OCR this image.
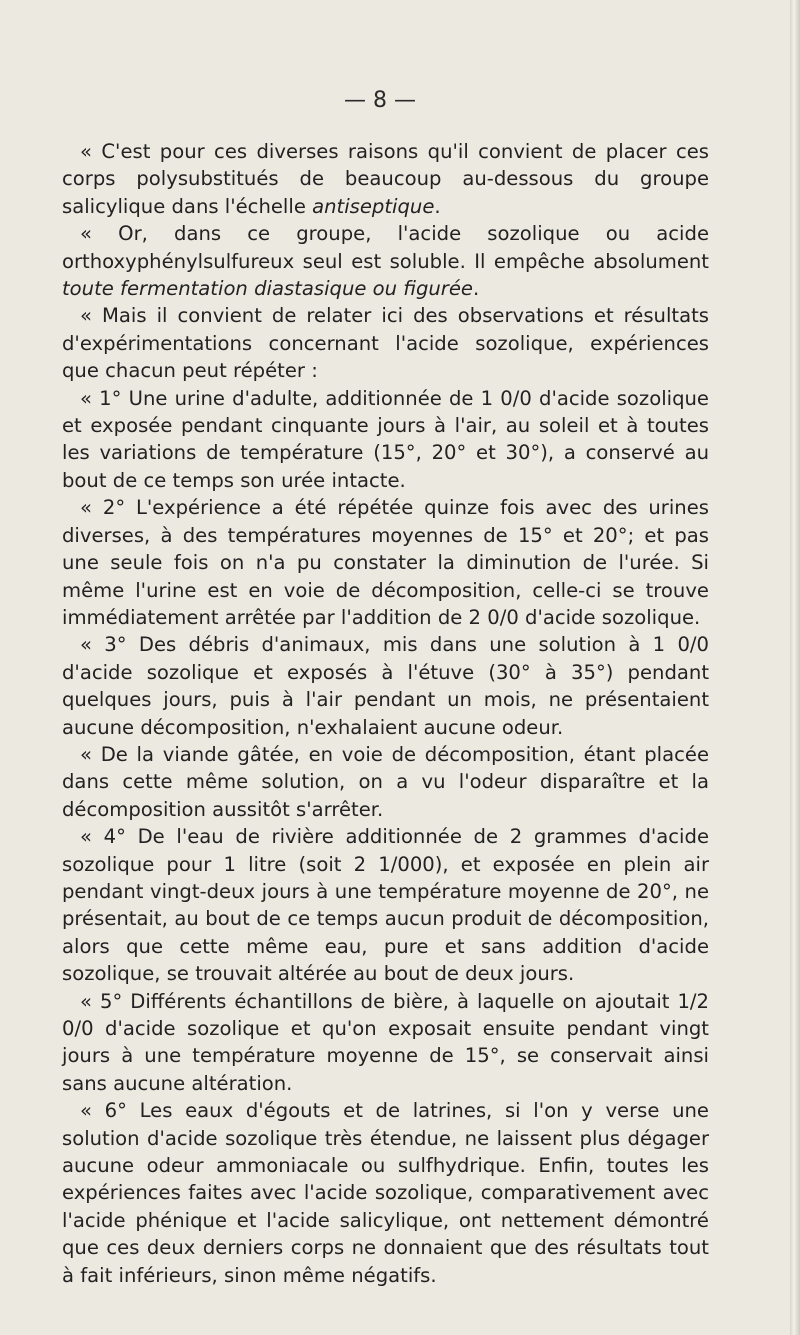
— 8 —

« C'est pour ces diverses raisons qu'il convient de placer ces corps polysubstitués de beaucoup au-dessous du groupe salicylique dans l'échelle antiseptique.

« Or, dans ce groupe, l'acide sozolique ou acide orthoxyphénylsulfureux seul est soluble. Il empêche absolument toute fermentation diastasique ou figurée.

« Mais il convient de relater ici des observations et résultats d'expérimentations concernant l'acide sozolique, expériences que chacun peut répéter :

« 1° Une urine d'adulte, additionnée de 1 0/0 d'acide sozolique et exposée pendant cinquante jours à l'air, au soleil et à toutes les variations de température (15°, 20° et 30°), a conservé au bout de ce temps son urée intacte.

« 2° L'expérience a été répétée quinze fois avec des urines diverses, à des températures moyennes de 15° et 20°; et pas une seule fois on n'a pu constater la diminution de l'urée. Si même l'urine est en voie de décomposition, celle-ci se trouve immédiatement arrêtée par l'addition de 2 0/0 d'acide sozolique.

« 3° Des débris d'animaux, mis dans une solution à 1 0/0 d'acide sozolique et exposés à l'étuve (30° à 35°) pendant quelques jours, puis à l'air pendant un mois, ne présentaient aucune décomposition, n'exhalaient aucune odeur.

« De la viande gâtée, en voie de décomposition, étant placée dans cette même solution, on a vu l'odeur disparaître et la décomposition aussitôt s'arrêter.

« 4° De l'eau de rivière additionnée de 2 grammes d'acide sozolique pour 1 litre (soit 2 1/000), et exposée en plein air pendant vingt-deux jours à une température moyenne de 20°, ne présentait, au bout de ce temps aucun produit de décomposition, alors que cette même eau, pure et sans addition d'acide sozolique, se trouvait altérée au bout de deux jours.

« 5° Différents échantillons de bière, à laquelle on ajoutait 1/2 0/0 d'acide sozolique et qu'on exposait ensuite pendant vingt jours à une température moyenne de 15°, se conservait ainsi sans aucune altération.

« 6° Les eaux d'égouts et de latrines, si l'on y verse une solution d'acide sozolique très étendue, ne laissent plus dégager aucune odeur ammoniacale ou sulfhydrique. Enfin, toutes les expériences faites avec l'acide sozolique, comparativement avec l'acide phénique et l'acide salicylique, ont nettement démontré que ces deux derniers corps ne donnaient que des résultats tout à fait inférieurs, sinon même négatifs.
